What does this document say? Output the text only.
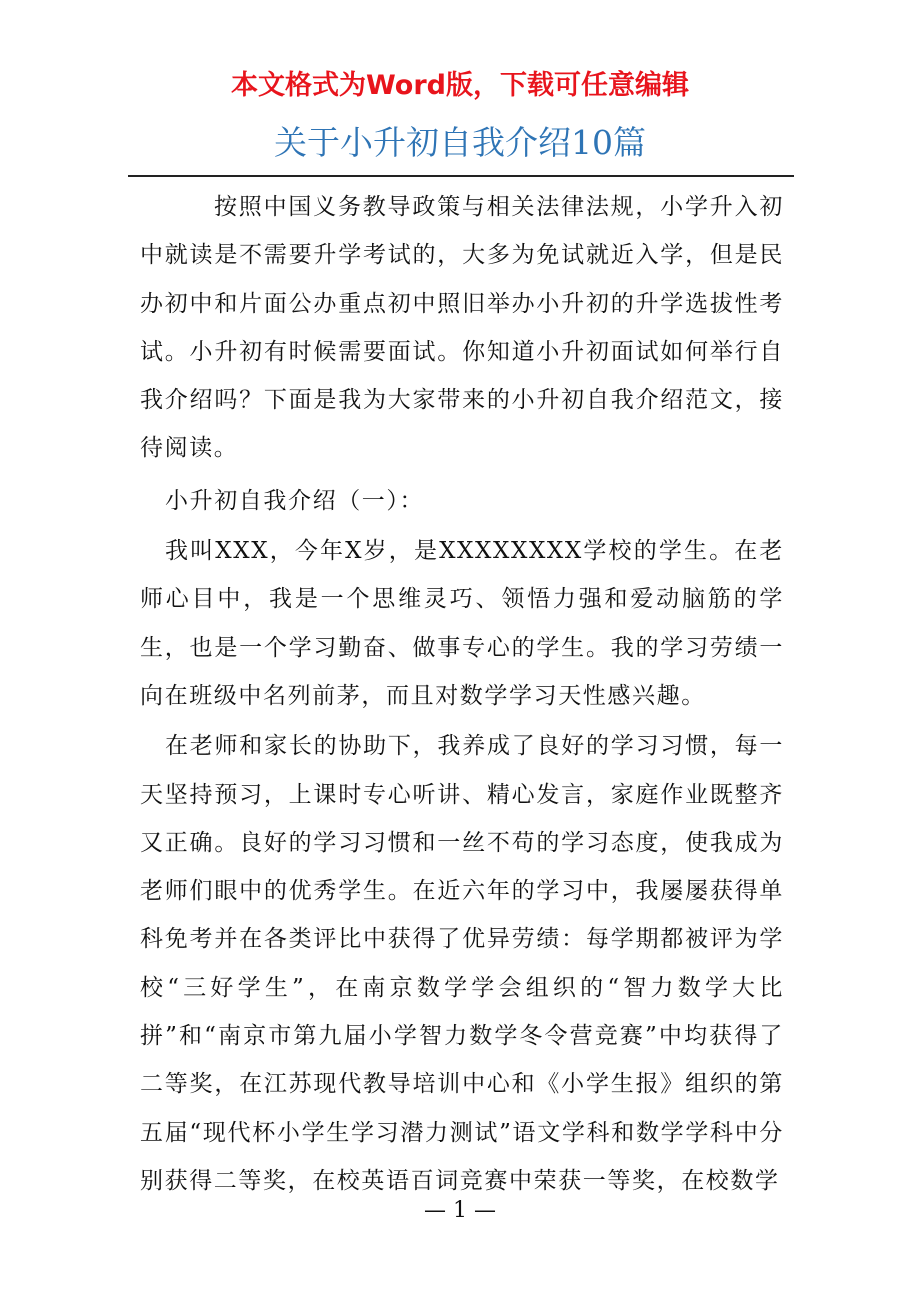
本文格式为Word版，下载可任意编辑
关于小升初自我介绍10篇

按照中国义务教导政策与相关法律法规，小学升入初中就读是不需要升学考试的，大多为免试就近入学，但是民办初中和片面公办重点初中照旧举办小升初的升学选拔性考试。小升初有时候需要面试。你知道小升初面试如何举行自我介绍吗？下面是我为大家带来的小升初自我介绍范文，接待阅读。

小升初自我介绍（一）：

我叫XXX，今年X岁，是XXXXXXXX学校的学生。在老师心目中，我是一个思维灵巧、领悟力强和爱动脑筋的学生，也是一个学习勤奋、做事专心的学生。我的学习劳绩一向在班级中名列前茅，而且对数学学习天性感兴趣。

在老师和家长的协助下，我养成了良好的学习习惯，每一天坚持预习，上课时专心听讲、精心发言，家庭作业既整齐又正确。良好的学习习惯和一丝不苟的学习态度，使我成为老师们眼中的优秀学生。在近六年的学习中，我屡屡获得单科免考并在各类评比中获得了优异劳绩：每学期都被评为学校“三好学生”，在南京数学学会组织的“智力数学大比拼”和“南京市第九届小学智力数学冬令营竞赛”中均获得了二等奖，在江苏现代教导培训中心和《小学生报》组织的第五届“现代杯小学生学习潜力测试”语文学科和数学学科中分别获得二等奖，在校英语百词竞赛中荣获一等奖，在校数学

— 1 —
